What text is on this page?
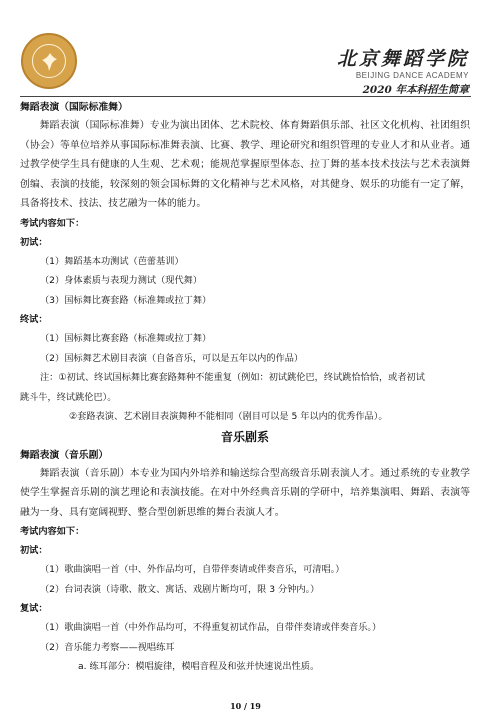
北京舞蹈学院
BEIJING DANCE ACADEMY
2020 年本科招生简章

舞蹈表演（国际标准舞）

舞蹈表演（国际标准舞）专业为演出团体、艺术院校、体育舞蹈俱乐部、社区文化机构、社团组织（协会）等单位培养从事国际标准舞表演、比赛、教学、理论研究和组织管理的专业人才和从业者。通过教学使学生具有健康的人生观、艺术观；能规范掌握原型体态、拉丁舞的基本技术技法与艺术表演舞创编、表演的技能，较深刻的领会国标舞的文化精神与艺术风格，对其健身、娱乐的功能有一定了解，具备将技术、技法、技艺融为一体的能力。

考试内容如下：

初试：

（1）舞蹈基本功测试（芭蕾基训）

（2）身体素质与表现力测试（现代舞）

（3）国标舞比赛套路（标准舞或拉丁舞）

终试：

（1）国标舞比赛套路（标准舞或拉丁舞）

（2）国标舞艺术剧目表演（自备音乐，可以是五年以内的作品）

注：①初试、终试国标舞比赛套路舞种不能重复（例如：初试跳伦巴，终试跳恰恰恰，或者初试

跳斗牛，终试跳伦巴）。

②套路表演、艺术剧目表演舞种不能相同（剧目可以是 5 年以内的优秀作品）。

音乐剧系

舞蹈表演（音乐剧）

舞蹈表演（音乐剧）本专业为国内外培养和输送综合型高级音乐剧表演人才。通过系统的专业教学使学生掌握音乐剧的演艺理论和表演技能。在对中外经典音乐剧的学研中，培养集演唱、舞蹈、表演等融为一身、具有宽阔视野、整合型创新思维的舞台表演人才。

考试内容如下：

初试：

（1）歌曲演唱一首（中、外作品均可，自带伴奏请或伴奏音乐，可清唱。）

（2）台词表演（诗歌、散文、寓话、戏剧片断均可，限 3 分钟内。）

复试：

（1）歌曲演唱一首（中外作品均可，不得重复初试作品，自带伴奏请或伴奏音乐。）

（2）音乐能力考察——视唱练耳

a. 练耳部分：模唱旋律，模唱音程及和弦并快速说出性质。

10 / 19
